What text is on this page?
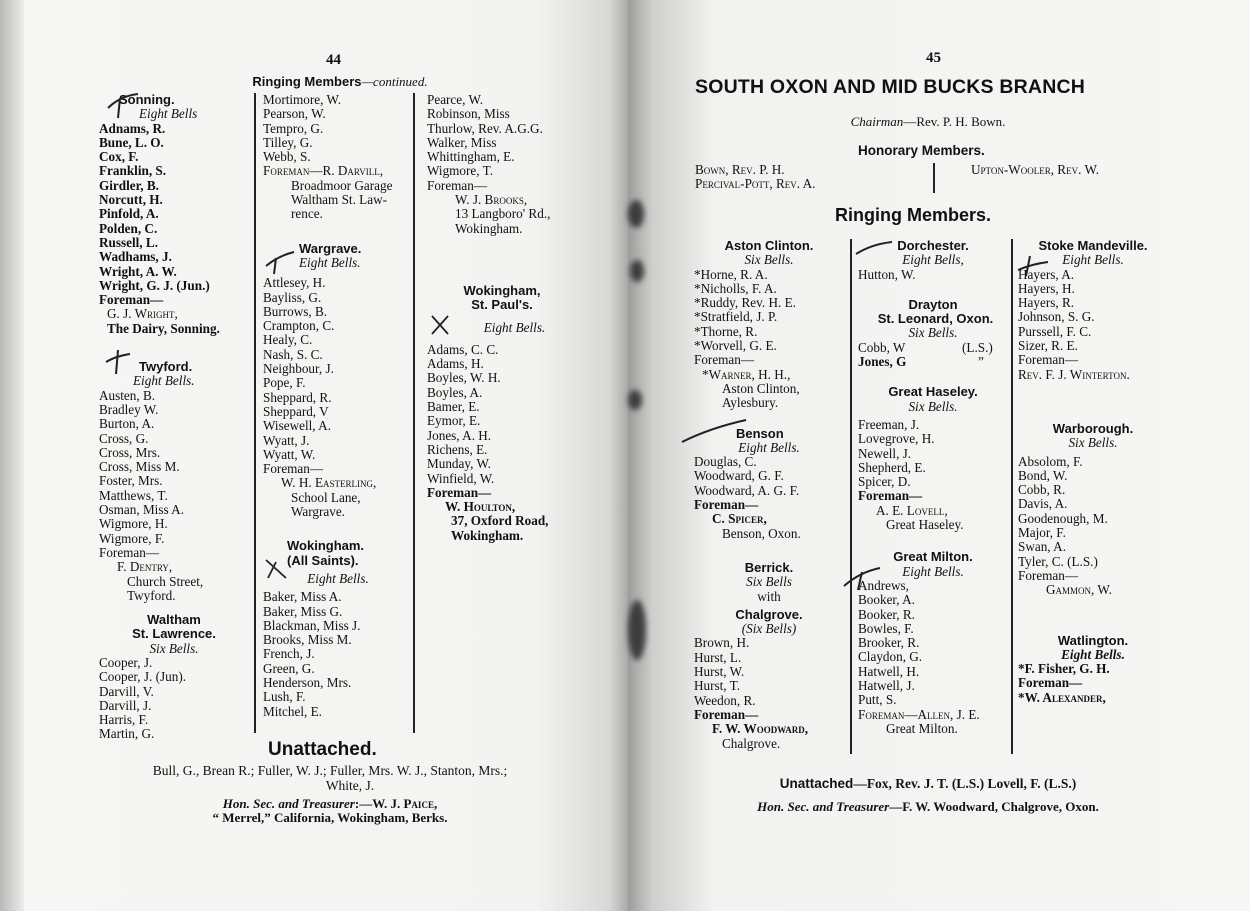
44
Ringing Members—continued.
Sonning.
Eight Bells
Adnams, R.
Bune, L. O.
Cox, F.
Franklin, S.
Girdler, B.
Norcutt, H.
Pinfold, A.
Polden, C.
Russell, L.
Wadhams, J.
Wright, A. W.
Wright, G. J. (Jun.)
Foreman—
G. J. Wright,
The Dairy, Sonning.
Twyford.
Eight Bells.
Austen, B.
Bradley W.
Burton, A.
Cross, G.
Cross, Mrs.
Cross, Miss M.
Foster, Mrs.
Matthews, T.
Osman, Miss A.
Wigmore, H.
Wigmore, F.
Foreman—
F. Dentry,
Church Street,
Twyford.
Waltham
St. Lawrence.
Six Bells.
Cooper, J.
Cooper, J. (Jun).
Darvill, V.
Darvill, J.
Harris, F.
Martin, G.
Mortimore, W.
Pearson, W.
Tempro, G.
Tilley, G.
Webb, S.
Foreman—R. Darvill,
Broadmoor Garage
Waltham St. Law-
rence.
Wargrave.
Eight Bells.
Attlesey, H.
Bayliss, G.
Burrows, B.
Crampton, C.
Healy, C.
Nash, S. C.
Neighbour, J.
Pope, F.
Sheppard, R.
Sheppard, V
Wisewell, A.
Wyatt, J.
Wyatt, W.
Foreman—
W. H. Easterling,
School Lane,
Wargrave.
Wokingham.
(All Saints).
Eight Bells.
Baker, Miss A.
Baker, Miss G.
Blackman, Miss J.
Brooks, Miss M.
French, J.
Green, G.
Henderson, Mrs.
Lush, F.
Mitchel, E.
Pearce, W.
Robinson, Miss
Thurlow, Rev. A.G.G.
Walker, Miss
Whittingham, E.
Wigmore, T.
Foreman—
W. J. Brooks,
13 Langboro' Rd.,
Wokingham.
Wokingham,
St. Paul's.
Eight Bells.
Adams, C. C.
Adams, H.
Boyles, W. H.
Boyles, A.
Bamer, E.
Eymor, E.
Jones, A. H.
Richens, E.
Munday, W.
Winfield, W.
Foreman—
W. Houlton,
37, Oxford Road,
Wokingham.
Unattached.
Bull, G., Brean R.; Fuller, W. J.; Fuller, Mrs. W. J., Stanton, Mrs.;
White, J.
Hon. Sec. and Treasurer:—W. J. Paice,
“ Merrel,” California, Wokingham, Berks.
45
SOUTH OXON AND MID BUCKS BRANCH
Chairman—Rev. P. H. Bown.
Honorary Members.
Bown, Rev. P. H.
Percival-Pott, Rev. A.
Upton-Wooler, Rev. W.
Ringing Members.
Aston Clinton.
Six Bells.
*Horne, R. A.
*Nicholls, F. A.
*Ruddy, Rev. H. E.
*Stratfield, J. P.
*Thorne, R.
*Worvell, G. E.
Foreman—
*Warner, H. H.,
Aston Clinton,
Aylesbury.
Benson
Eight Bells.
Douglas, C.
Woodward, G. F.
Woodward, A. G. F.
Foreman—
C. Spicer,
Benson, Oxon.
Berrick.
Six Bells
with
Chalgrove.
(Six Bells)
Brown, H.
Hurst, L.
Hurst, W.
Hurst, T.
Weedon, R.
Foreman—
F. W. Woodward,
Chalgrove.
Dorchester.
Eight Bells,
Hutton, W.
Drayton
St. Leonard, Oxon.
Six Bells.
Cobb, W
Jones, G
(L.S.)
”
Great Haseley.
Six Bells.
Freeman, J.
Lovegrove, H.
Newell, J.
Shepherd, E.
Spicer, D.
Foreman—
A. E. Lovell,
Great Haseley.
Great Milton.
Eight Bells.
Andrews,
Booker, A.
Booker, R.
Bowles, F.
Brooker, R.
Claydon, G.
Hatwell, H.
Hatwell, J.
Putt, S.
Foreman—Allen, J. E.
Great Milton.
Stoke Mandeville.
Eight Bells.
Hayers, A.
Hayers, H.
Hayers, R.
Johnson, S. G.
Purssell, F. C.
Sizer, R. E.
Foreman—
Rev. F. J. Winterton.
Warborough.
Six Bells.
Absolom, F.
Bond, W.
Cobb, R.
Davis, A.
Goodenough, M.
Major, F.
Swan, A.
Tyler, C. (L.S.)
Foreman—
Gammon, W.
Watlington.
Eight Bells.
*F. Fisher, G. H.
Foreman—
*W. Alexander,
Unattached—Fox, Rev. J. T. (L.S.) Lovell, F. (L.S.)
Hon. Sec. and Treasurer—F. W. Woodward, Chalgrove, Oxon.
